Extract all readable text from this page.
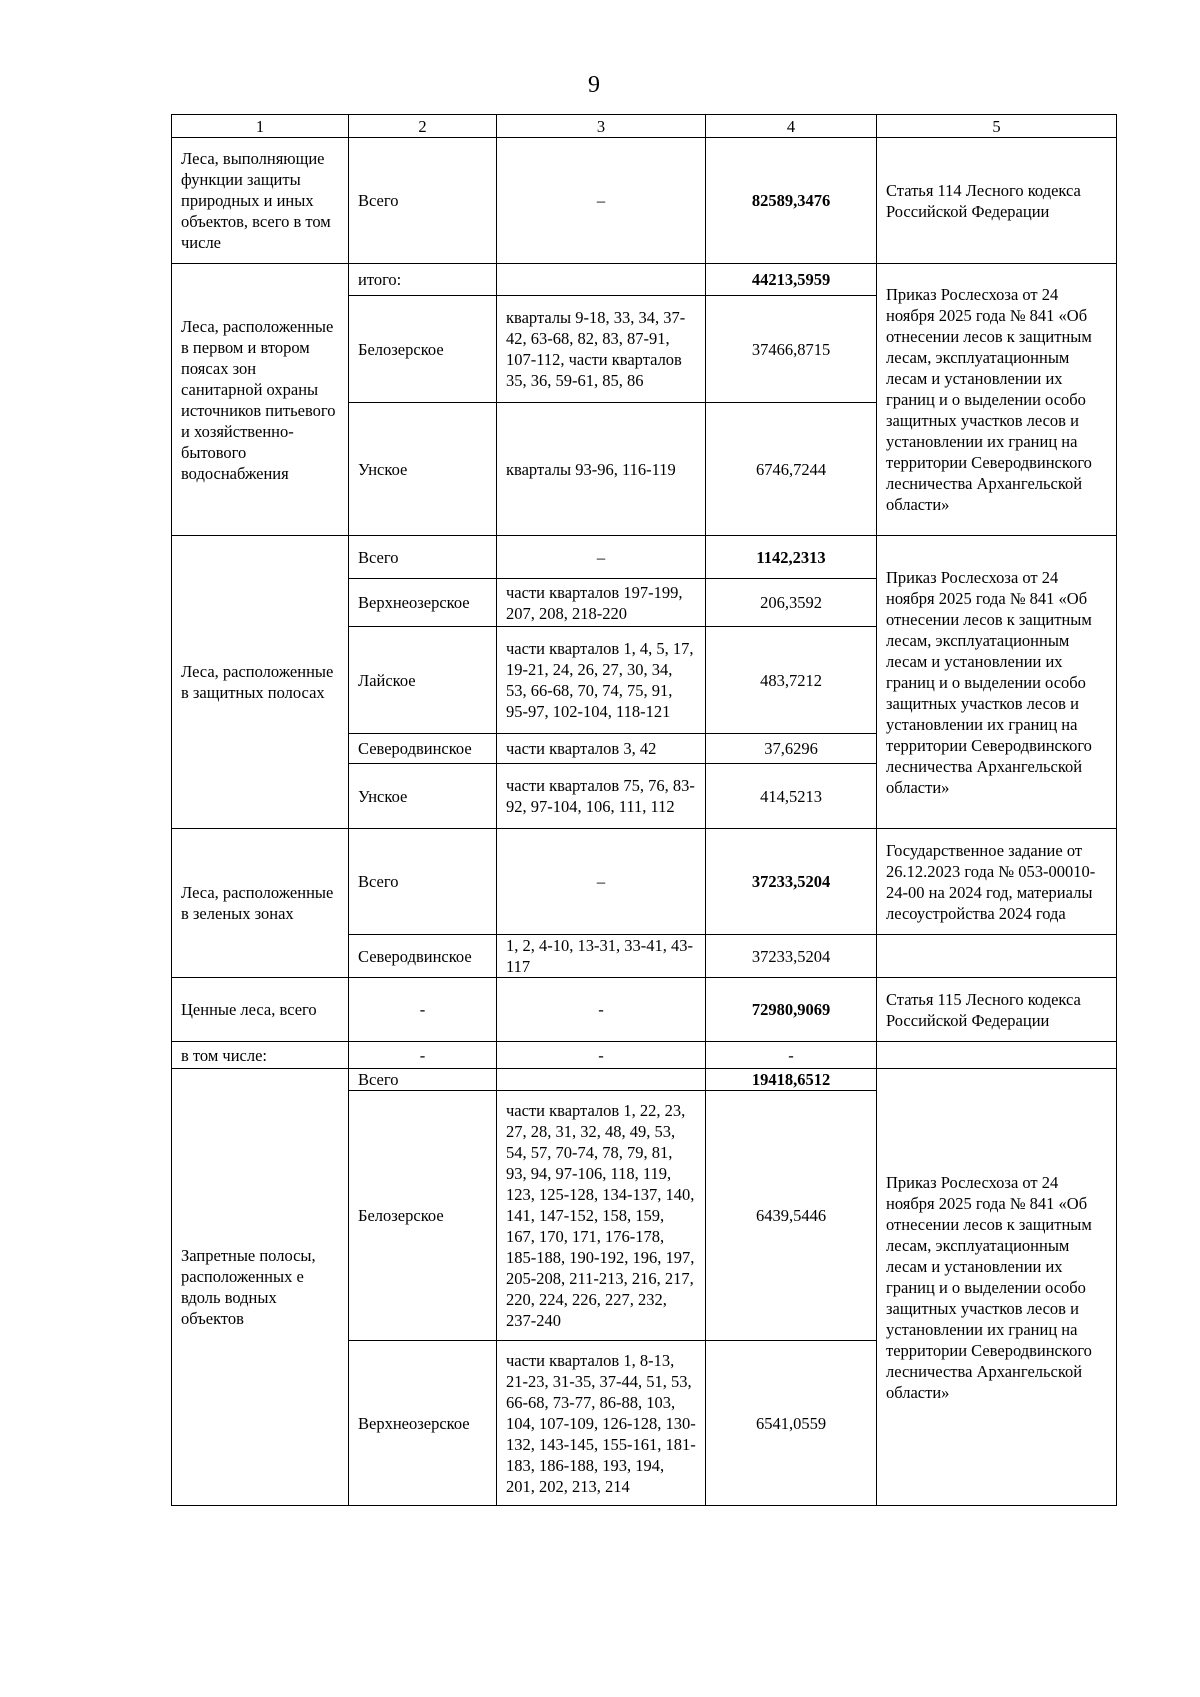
9
1	2	3	4	5
Леса, выполняющие функции защиты природных и иных объектов, всего в том числе	Всего	–	82589,3476	Статья 114 Лесного кодекса Российской Федерации
Леса, расположенные в первом и втором поясах зон санитарной охраны источников питьевого и хозяйственно-бытового водоснабжения	итого:		44213,5959	Приказ Рослесхоза от 24 ноября 2025 года № 841 «Об отнесении лесов к защитным лесам, эксплуатационным лесам и установлении их границ и о выделении особо защитных участков лесов и установлении их границ на территории Северодвинского лесничества Архангельской области»
	Белозерское	кварталы 9-18, 33, 34, 37-42, 63-68, 82, 83, 87-91, 107-112, части кварталов 35, 36, 59-61, 85, 86	37466,8715	
	Унское	кварталы 93-96, 116-119	6746,7244	
Леса, расположенные в защитных полосах	Всего	–	1142,2313	Приказ Рослесхоза от 24 ноября 2025 года № 841 «Об отнесении лесов к защитным лесам, эксплуатационным лесам и установлении их границ и о выделении особо защитных участков лесов и установлении их границ на территории Северодвинского лесничества Архангельской области»
	Верхнеозерское	части кварталов 197-199, 207, 208, 218-220	206,3592	
	Лайское	части кварталов 1, 4, 5, 17, 19-21, 24, 26, 27, 30, 34, 53, 66-68, 70, 74, 75, 91, 95-97, 102-104, 118-121	483,7212	
	Северодвинское	части кварталов 3, 42	37,6296	
	Унское	части кварталов 75, 76, 83-92, 97-104, 106, 111, 112	414,5213	
Леса, расположенные в зеленых зонах	Всего	–	37233,5204	Государственное задание от 26.12.2023 года № 053-00010-24-00 на 2024 год, материалы лесоустройства 2024 года
	Северодвинское	1, 2, 4-10, 13-31, 33-41, 43-117	37233,5204	
Ценные леса, всего	-	-	72980,9069	Статья 115 Лесного кодекса Российской Федерации
в том числе:	-	-	-	
Запретные полосы, расположенных е вдоль водных объектов	Всего		19418,6512	Приказ Рослесхоза от 24 ноября 2025 года № 841 «Об отнесении лесов к защитным лесам, эксплуатационным лесам и установлении их границ и о выделении особо защитных участков лесов и установлении их границ на территории Северодвинского лесничества Архангельской области»
	Белозерское	части кварталов 1, 22, 23, 27, 28, 31, 32, 48, 49, 53, 54, 57, 70-74, 78, 79, 81, 93, 94, 97-106, 118, 119, 123, 125-128, 134-137, 140, 141, 147-152, 158, 159, 167, 170, 171, 176-178, 185-188, 190-192, 196, 197, 205-208, 211-213, 216, 217, 220, 224, 226, 227, 232, 237-240	6439,5446	
	Верхнеозерское	части кварталов 1, 8-13, 21-23, 31-35, 37-44, 51, 53, 66-68, 73-77, 86-88, 103, 104, 107-109, 126-128, 130-132, 143-145, 155-161, 181-183, 186-188, 193, 194, 201, 202, 213, 214	6541,0559	
